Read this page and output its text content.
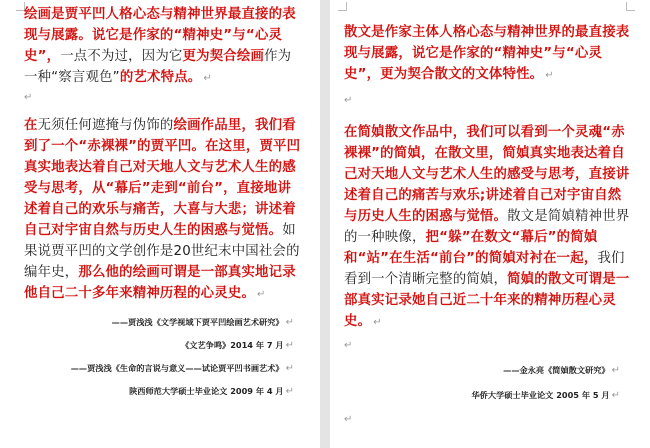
绘画是贾平凹人格心态与精神世界最直接的表现与展露。说它是作家的“精神史”与“心灵史”，一点不为过，因为它更为契合绘画作为一种“察言观色”的艺术特点。 ↵

↵

在无须任何遮掩与伪饰的绘画作品里，我们看到了一个“赤裸裸”的贾平凹。在这里，贾平凹真实地表达着自己对天地人文与艺术人生的感受与思考，从“幕后”走到“前台”，直接地讲述着自己的欢乐与痛苦，大喜与大悲；讲述着自己对宇宙自然与历史人生的困惑与觉悟。如果说贾平凹的文学创作是20世纪末中国社会的编年史，那么他的绘画可谓是一部真实地记录他自己二十多年来精神历程的心灵史。 ↵

——贾浅浅《文学视域下贾平凹绘画艺术研究》 ↵

《文艺争鸣》2014 年 7 月 ↵

——贾浅浅《生命的言说与意义——试论贾平凹书画艺术》 ↵

陕西师范大学硕士毕业论文 2009 年 4 月 ↵

散文是作家主体人格心态与精神世界的最直接表现与展露，说它是作家的“精神史”与“心灵史”，更为契合散文的文体特性。 ↵

↵

在简媜散文作品中，我们可以看到一个灵魂“赤裸裸”的简媜，在散文里，简媜真实地表达着自己对天地人文与艺术人生的感受与思考，直接讲述着自己的痛苦与欢乐;讲述着自己对宇宙自然与历史人生的困惑与觉悟。散文是简媜精神世界的一种映像，把“躲”在数文“幕后”的简媜和“站”在生活“前台”的简媜对衬在一起，我们看到一个清晰完整的简媜，简媜的散文可谓是一部真实记录她自己近二十年来的精神历程心灵史。 ↵

↵

——金永亮《简媜散文研究》 ↵

华侨大学硕士毕业论文 2005 年 5 月 ↵

↵
